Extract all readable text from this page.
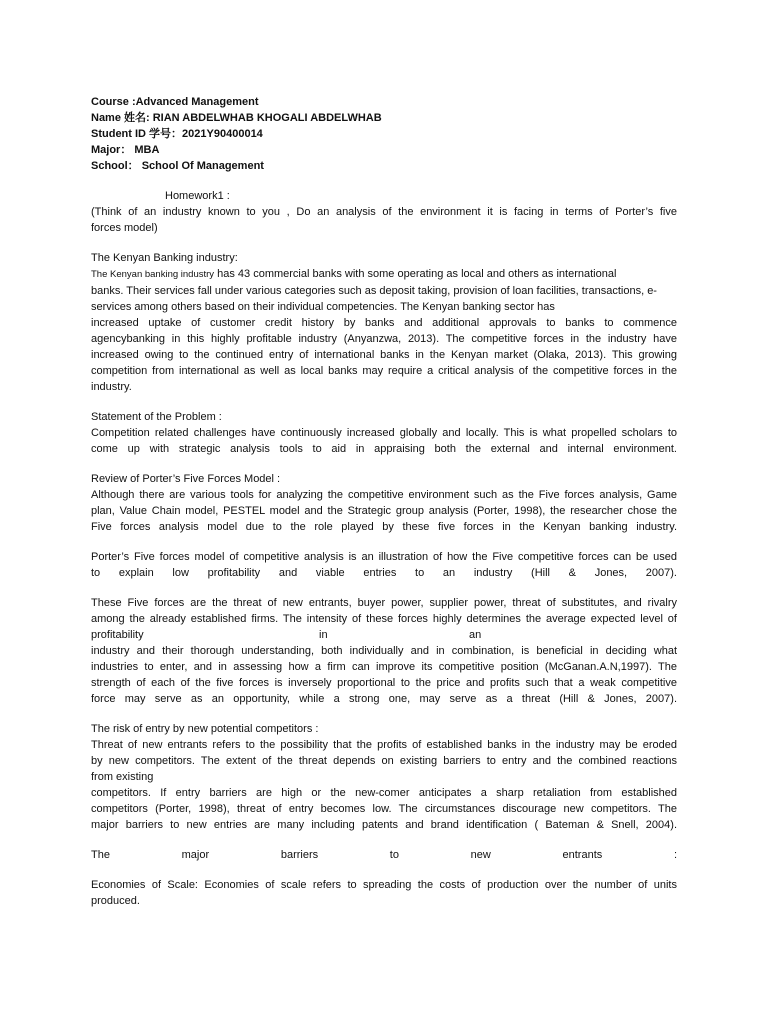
Course :Advanced Management
Name 姓名: RIAN ABDELWHAB KHOGALI ABDELWHAB
Student ID 学号：2021Y90400014
Major： MBA
School： School Of Management
Homework1 :
(Think of an industry known to you , Do an analysis of the environment it is facing in terms of Porter’s five
forces model)
The Kenyan Banking industry:
The Kenyan banking industry has 43 commercial banks with some operating as local and others as international
banks. Their services fall under various categories such as deposit taking, provision of loan facilities, transactions, e-
services among others based on their individual competencies. The Kenyan banking sector has
increased uptake of customer credit history by banks and additional approvals to banks to commence
agencybanking in this highly profitable industry (Anyanzwa, 2013). The competitive forces in the industry have
increased owing to the continued entry of international banks in the Kenyan market (Olaka, 2013). This growing
competition from international as well as local banks may require a critical analysis of the competitive forces in the
industry.
Statement of the Problem :
Competition related challenges have continuously increased globally and locally. This is what propelled scholars to
come up with strategic analysis tools to aid in appraising both the external and internal environment.
Review of Porter’s Five Forces Model :
Although there are various tools for analyzing the competitive environment such as the Five forces analysis, Game
plan, Value Chain model, PESTEL model and the Strategic group analysis (Porter, 1998), the researcher chose the
Five forces analysis model due to the role played by these five forces in the Kenyan banking industry.
Porter’s Five forces model of competitive analysis is an illustration of how the Five competitive forces can be used
to explain low profitability and viable entries to an industry (Hill & Jones, 2007).
These Five forces are the threat of new entrants, buyer power, supplier power, threat of substitutes, and rivalry
among the already established firms. The intensity of these forces highly determines the average expected level of
profitability	in	an
industry and their thorough understanding, both individually and in combination, is beneficial in deciding what
industries to enter, and in assessing how a firm can improve its competitive position (McGanan.A.N,1997). The
strength of each of the five forces is inversely proportional to the price and profits such that a weak competitive
force may serve as an opportunity, while a strong one, may serve as a threat (Hill & Jones, 2007).
The risk of entry by new potential competitors :
Threat of new entrants refers to the possibility that the profits of established banks in the industry may be eroded
by new competitors. The extent of the threat depends on existing barriers to entry and the combined reactions
from existing
competitors. If entry barriers are high or the new-comer anticipates a sharp retaliation from established
competitors (Porter, 1998), threat of entry becomes low. The circumstances discourage new competitors. The
major barriers to new entries are many including patents and brand identification ( Bateman & Snell, 2004).
The	major	barriers	to	new	entrants	:
Economies of Scale: Economies of scale refers to spreading the costs of production over the number of units
produced.
